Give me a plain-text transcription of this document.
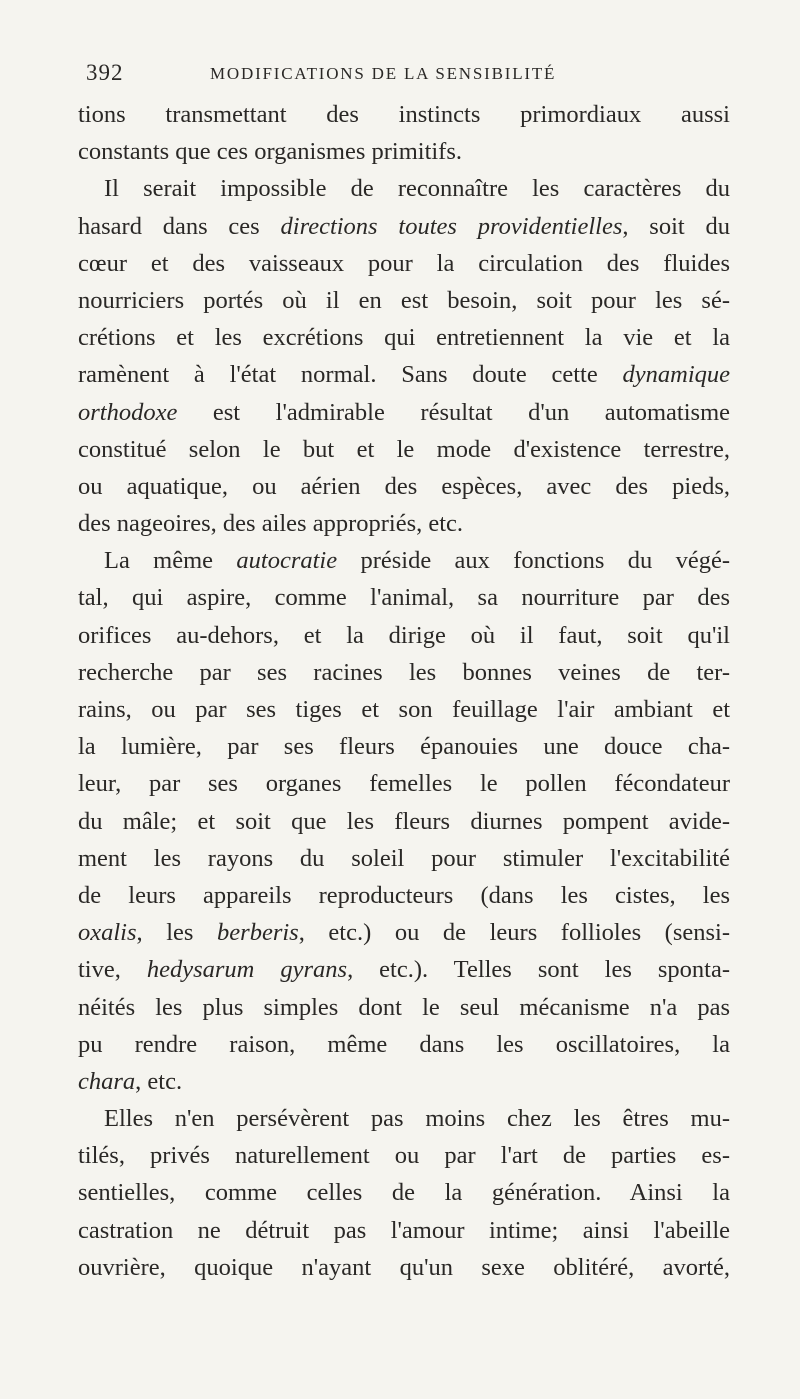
392	MODIFICATIONS DE LA SENSIBILITÉ
tions transmettant des instincts primordiaux aussi
constants que ces organismes primitifs.
Il serait impossible de reconnaître les caractères du
hasard dans ces directions toutes providentielles, soit du
cœur et des vaisseaux pour la circulation des fluides
nourriciers portés où il en est besoin, soit pour les sé-
crétions et les excrétions qui entretiennent la vie et la
ramènent à l'état normal. Sans doute cette dynamique
orthodoxe est l'admirable résultat d'un automatisme
constitué selon le but et le mode d'existence terrestre,
ou aquatique, ou aérien des espèces, avec des pieds,
des nageoires, des ailes appropriés, etc.
La même autocratie préside aux fonctions du végé-
tal, qui aspire, comme l'animal, sa nourriture par des
orifices au-dehors, et la dirige où il faut, soit qu'il
recherche par ses racines les bonnes veines de ter-
rains, ou par ses tiges et son feuillage l'air ambiant et
la lumière, par ses fleurs épanouies une douce cha-
leur, par ses organes femelles le pollen fécondateur
du mâle; et soit que les fleurs diurnes pompent avide-
ment les rayons du soleil pour stimuler l'excitabilité
de leurs appareils reproducteurs (dans les cistes, les
oxalis, les berberis, etc.) ou de leurs follioles (sensi-
tive, hedysarum gyrans, etc.). Telles sont les sponta-
néités les plus simples dont le seul mécanisme n'a pas
pu rendre raison, même dans les oscillatoires, la
chara, etc.
Elles n'en persévèrent pas moins chez les êtres mu-
tilés, privés naturellement ou par l'art de parties es-
sentielles, comme celles de la génération. Ainsi la
castration ne détruit pas l'amour intime; ainsi l'abeille
ouvrière, quoique n'ayant qu'un sexe oblitéré, avorté,
